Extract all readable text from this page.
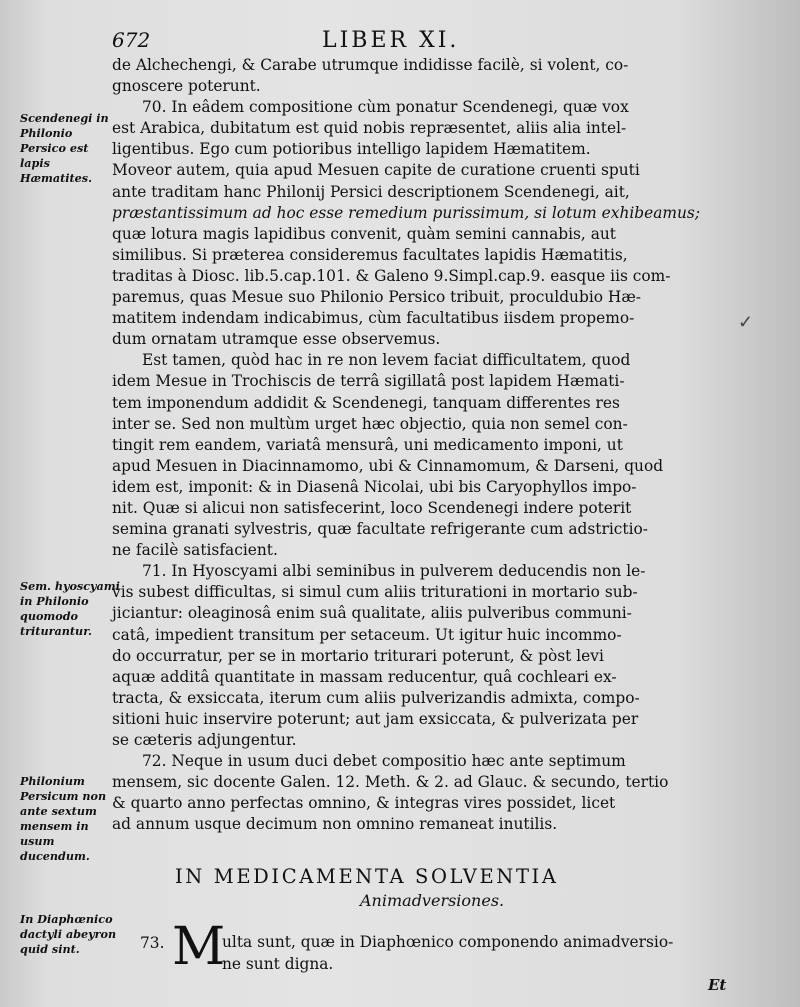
672	LIBER XI.

de Alchechengi, & Carabe utrumque indidisse facilè, si volent, co-

gnoscere poterunt.

70. In eâdem compositione cùm ponatur Scendenegi, quæ vox

est Arabica, dubitatum est quid nobis repræsentet, aliis alia intel-

ligentibus. Ego cum potioribus intelligo lapidem Hæmatitem.

Moveor autem, quia apud Mesuen capite de curatione cruenti sputi

ante traditam hanc Philonij Persici descriptionem Scendenegi, ait,

præstantissimum ad hoc esse remedium purissimum, si lotum exhibeamus;

quæ lotura magis lapidibus convenit, quàm semini cannabis, aut

similibus. Si præterea consideremus facultates lapidis Hæmatitis,

traditas à Diosc. lib.5.cap.101. & Galeno 9.Simpl.cap.9. easque iis com-

paremus, quas Mesue suo Philonio Persico tribuit, proculdubio Hæ-

matitem indendam indicabimus, cùm facultatibus iisdem propemo-

dum ornatam utramque esse observemus.

Est tamen, quòd hac in re non levem faciat difficultatem, quod

idem Mesue in Trochiscis de terrâ sigillatâ post lapidem Hæmati-

tem imponendum addidit & Scendenegi, tanquam differentes res

inter se. Sed non multùm urget hæc objectio, quia non semel con-

tingit rem eandem, variatâ mensurâ, uni medicamento imponi, ut

apud Mesuen in Diacinnamomo, ubi & Cinnamomum, & Darseni, quod

idem est, imponit: & in Diasenâ Nicolai, ubi bis Caryophyllos impo-

nit. Quæ si alicui non satisfecerint, loco Scendenegi indere poterit

semina granati sylvestris, quæ facultate refrigerante cum adstrictio-

ne facilè satisfacient.

71. In Hyoscyami albi seminibus in pulverem deducendis non le-

vis subest difficultas, si simul cum aliis triturationi in mortario sub-

jiciantur: oleaginosâ enim suâ qualitate, aliis pulveribus communi-

catâ, impedient transitum per setaceum. Ut igitur huic incommo-

do occurratur, per se in mortario triturari poterunt, & pòst levi

aquæ additâ quantitate in massam reducentur, quâ cochleari ex-

tracta, & exsiccata, iterum cum aliis pulverizandis admixta, compo-

sitioni huic inservire poterunt; aut jam exsiccata, & pulverizata per

se cæteris adjungentur.

72. Neque in usum duci debet compositio hæc ante septimum

mensem, sic docente Galen. 12. Meth. & 2. ad Glauc. & secundo, tertio

& quarto anno perfectas omnino, & integras vires possidet, licet

ad annum usque decimum non omnino remaneat inutilis.

Scendenegi in Philonio Persico est lapis Hæmatites.
Sem. hyoscyami in Philonio quomodo triturantur.
Philonium Persicum non ante sextum mensem in usum ducendum.
In Diaphœnico dactyli abeyron quid sint.
IN MEDICAMENTA SOLVENTIA
Animadversiones.
73. M
ulta sunt, quæ in Diaphœnico componendo animadversio-
ne sunt digna.
✓
Et
